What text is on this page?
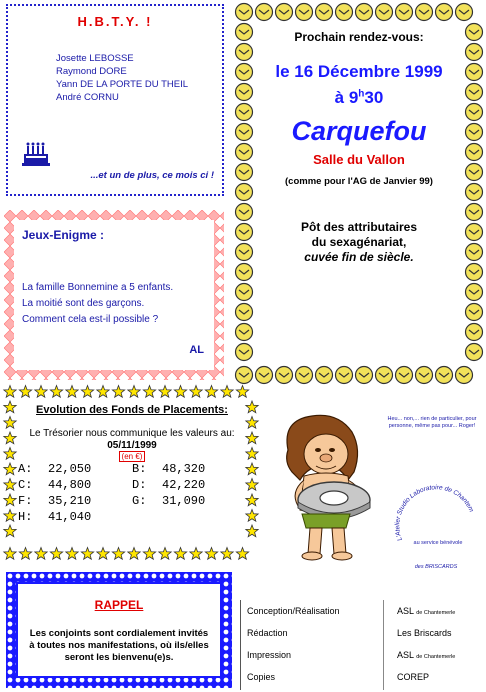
H.B.T.Y. !
Josette LEBOSSE
Raymond DORE
Yann DE LA PORTE DU THEIL
André CORNU
...et un de plus, ce mois ci !
Jeux-Enigme :
La famille Bonnemine a 5 enfants.
La moitié sont des garçons.
Comment cela est-il possible ?
AL
Prochain rendez-vous:
le 16 Décembre 1999
à 9$^h$30
Carquefou
Salle du Vallon
(comme pour l'AG de Janvier 99)
Pôt des attributaires
du sexagénariat,
cuvée fin de siècle.
Evolution des Fonds de Placements:
Le Trésorier nous communique les valeurs au:
05/11/1999
(en €)
A:	22,050	B:	48,320
C:	44,800	D:	42,220
F:	35,210	G:	31,090
H:	41,040		
Heu... non,... rien de particulier, pour personne, même pas pour... Roger!
L'Atelier Studio Laboratoire de Chantem
au service bénévole
des BRISCARDS
RAPPEL
Les conjoints sont cordialement invités à toutes nos manifestations, où ils/elles seront les bienvenu(e)s.
Conception/Réalisation	ASL de Chantemerle
Rédaction	Les Briscards
Impression	ASL de Chantemerle
Copies	COREP
